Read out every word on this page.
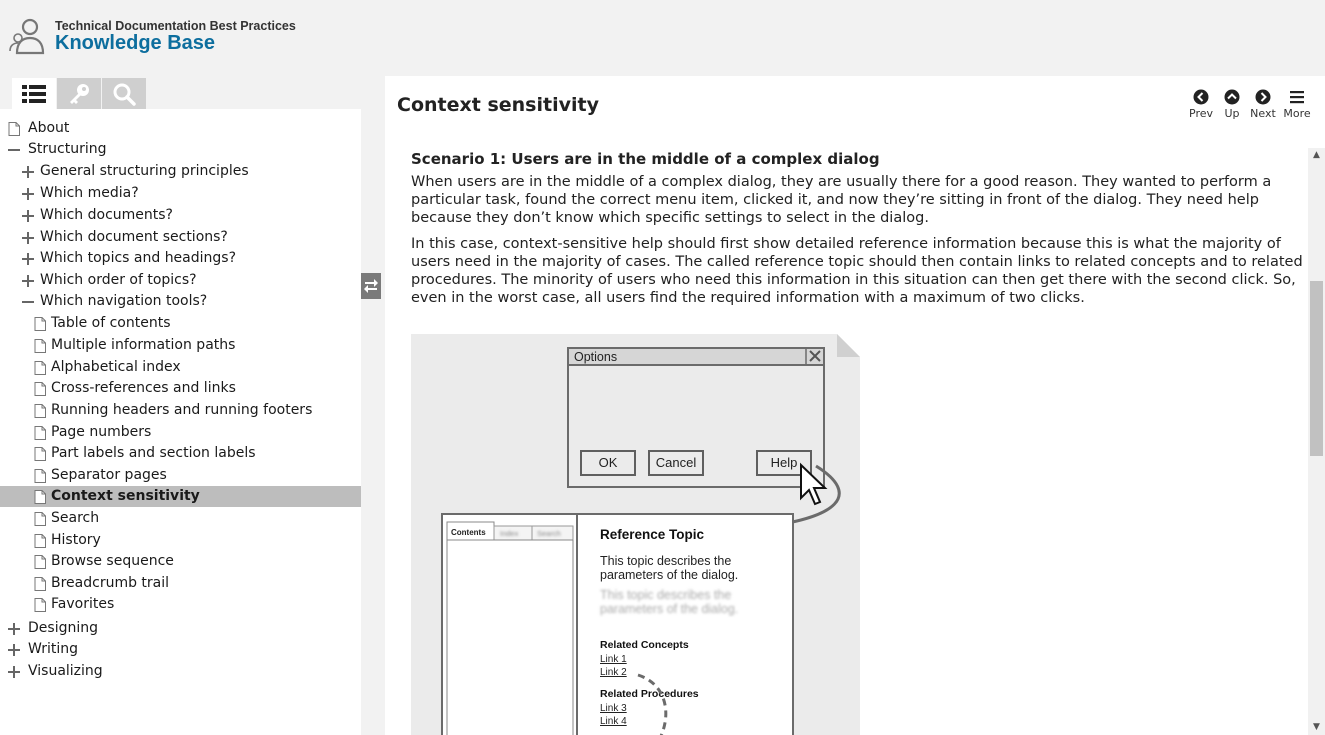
Technical Documentation Best Practices
Knowledge Base
About
Structuring
General structuring principles
Which media?
Which documents?
Which document sections?
Which topics and headings?
Which order of topics?
Which navigation tools?
Table of contents
Multiple information paths
Alphabetical index
Cross-references and links
Running headers and running footers
Page numbers
Part labels and section labels
Separator pages
Context sensitivity
Search
History
Browse sequence
Breadcrumb trail
Favorites
Designing
Writing
Visualizing
Context sensitivity	Prev	Up Next More
Scenario 1: Users are in the middle of a complex dialog

When users are in the middle of a complex dialog, they are usually there for a good reason. They wanted to perform a particular task, found the correct menu item, clicked it, and now they’re sitting in front of the dialog. They need help because they don’t know which specific settings to select in the dialog.

In this case, context-sensitive help should first show detailed reference information because this is what the majority of users need in the majority of cases. The called reference topic should then contain links to related concepts and to related procedures. The minority of users who need this information in this situation can then get there with the second click. So, even in the worst case, all users find the required information with a maximum of two clicks.

Options
OK	Cancel	Help
Contents Index Search	Reference Topic
This topic describes the
parameters of the dialog.
This topic describes the
parameters of the dialog.
Related Concepts
Link 1
Link 2
Related Procedures
Link 3
Link 4
▲
▼
